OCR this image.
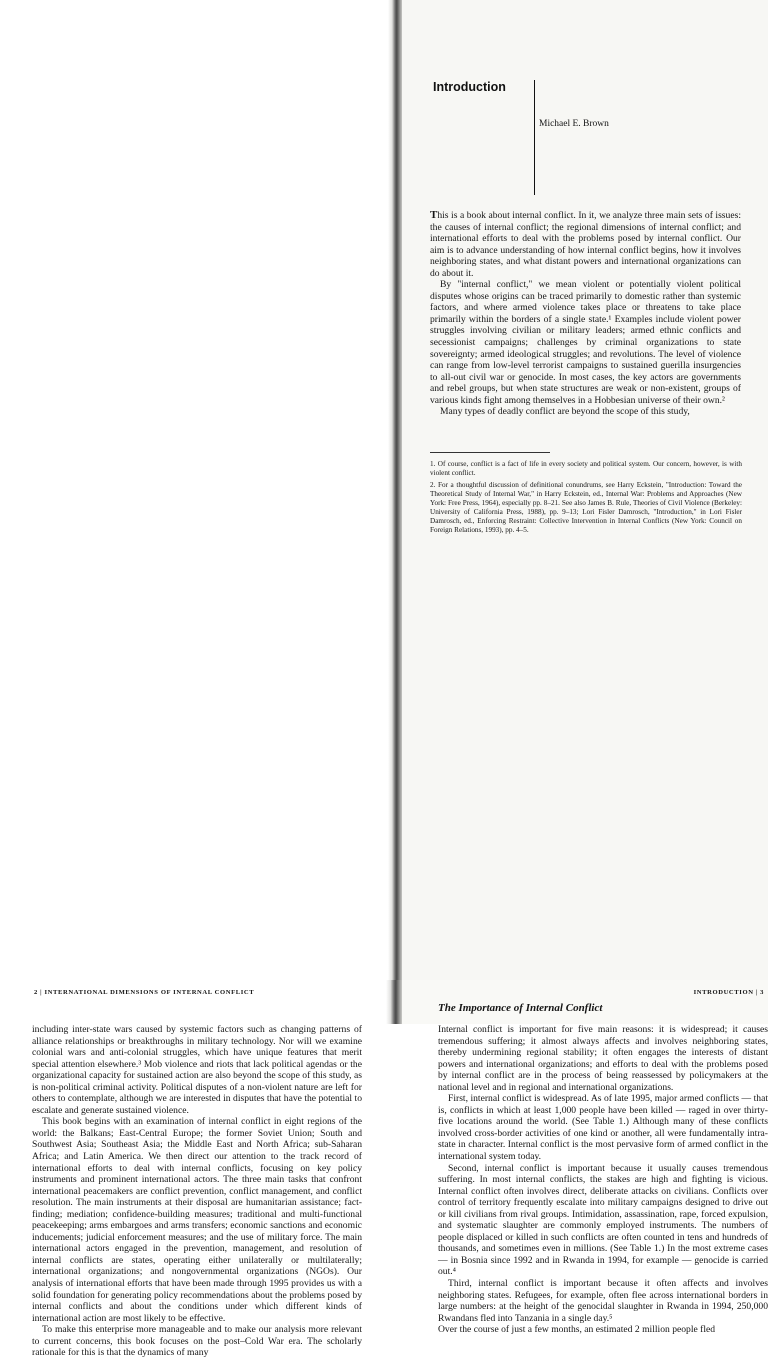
Introduction

Michael E. Brown

This is a book about internal conflict. In it, we analyze three main sets of issues: the causes of internal conflict; the regional dimensions of internal conflict; and international efforts to deal with the problems posed by internal conflict. Our aim is to advance understanding of how internal conflict begins, how it involves neighboring states, and what distant powers and international organizations can do about it.

By "internal conflict," we mean violent or potentially violent political disputes whose origins can be traced primarily to domestic rather than systemic factors, and where armed violence takes place or threatens to take place primarily within the borders of a single state.¹ Examples include violent power struggles involving civilian or military leaders; armed ethnic conflicts and secessionist campaigns; challenges by criminal organizations to state sovereignty; armed ideological struggles; and revolutions. The level of violence can range from low-level terrorist campaigns to sustained guerilla insurgencies to all-out civil war or genocide. In most cases, the key actors are governments and rebel groups, but when state structures are weak or non-existent, groups of various kinds fight among themselves in a Hobbesian universe of their own.²

Many types of deadly conflict are beyond the scope of this study,

1. Of course, conflict is a fact of life in every society and political system. Our concern, however, is with violent conflict.

2. For a thoughtful discussion of definitional conundrums, see Harry Eckstein, "Introduction: Toward the Theoretical Study of Internal War," in Harry Eckstein, ed., Internal War: Problems and Approaches (New York: Free Press, 1964), especially pp. 8–21. See also James B. Rule, Theories of Civil Violence (Berkeley: University of California Press, 1988), pp. 9–13; Lori Fisler Damrosch, "Introduction," in Lori Fisler Damrosch, ed., Enforcing Restraint: Collective Intervention in Internal Conflicts (New York: Council on Foreign Relations, 1993), pp. 4–5.

2 | INTERNATIONAL DIMENSIONS OF INTERNAL CONFLICT

including inter-state wars caused by systemic factors such as changing patterns of alliance relationships or breakthroughs in military technology. Nor will we examine colonial wars and anti-colonial struggles, which have unique features that merit special attention elsewhere.³ Mob violence and riots that lack political agendas or the organizational capacity for sustained action are also beyond the scope of this study, as is non-political criminal activity. Political disputes of a non-violent nature are left for others to contemplate, although we are interested in disputes that have the potential to escalate and generate sustained violence.

This book begins with an examination of internal conflict in eight regions of the world: the Balkans; East-Central Europe; the former Soviet Union; South and Southwest Asia; Southeast Asia; the Middle East and North Africa; sub-Saharan Africa; and Latin America. We then direct our attention to the track record of international efforts to deal with internal conflicts, focusing on key policy instruments and prominent international actors. The three main tasks that confront international peacemakers are conflict prevention, conflict management, and conflict resolution. The main instruments at their disposal are humanitarian assistance; fact-finding; mediation; confidence-building measures; traditional and multi-functional peacekeeping; arms embargoes and arms transfers; economic sanctions and economic inducements; judicial enforcement measures; and the use of military force. The main international actors engaged in the prevention, management, and resolution of internal conflicts are states, operating either unilaterally or multilaterally; international organizations; and nongovernmental organizations (NGOs). Our analysis of international efforts that have been made through 1995 provides us with a solid foundation for generating policy recommendations about the problems posed by internal conflicts and about the conditions under which different kinds of international action are most likely to be effective.

To make this enterprise more manageable and to make our analysis more relevant to current concerns, this book focuses on the post–Cold War era. The scholarly rationale for this is that the dynamics of many

INTRODUCTION | 3

The Importance of Internal Conflict

Internal conflict is important for five main reasons: it is widespread; it causes tremendous suffering; it almost always affects and involves neighboring states, thereby undermining regional stability; it often engages the interests of distant powers and international organizations; and efforts to deal with the problems posed by internal conflict are in the process of being reassessed by policymakers at the national level and in regional and international organizations.

First, internal conflict is widespread. As of late 1995, major armed conflicts — that is, conflicts in which at least 1,000 people have been killed — raged in over thirty-five locations around the world. (See Table 1.) Although many of these conflicts involved cross-border activities of one kind or another, all were fundamentally intra-state in character. Internal conflict is the most pervasive form of armed conflict in the international system today.

Second, internal conflict is important because it usually causes tremendous suffering. In most internal conflicts, the stakes are high and fighting is vicious. Internal conflict often involves direct, deliberate attacks on civilians. Conflicts over control of territory frequently escalate into military campaigns designed to drive out or kill civilians from rival groups. Intimidation, assassination, rape, forced expulsion, and systematic slaughter are commonly employed instruments. The numbers of people displaced or killed in such conflicts are often counted in tens and hundreds of thousands, and sometimes even in millions. (See Table 1.) In the most extreme cases — in Bosnia since 1992 and in Rwanda in 1994, for example — genocide is carried out.⁴

Third, internal conflict is important because it often affects and involves neighboring states. Refugees, for example, often flee across international borders in large numbers: at the height of the genocidal slaughter in Rwanda in 1994, 250,000 Rwandans fled into Tanzania in a single day.⁵

Over the course of just a few months, an estimated 2 million people fled
